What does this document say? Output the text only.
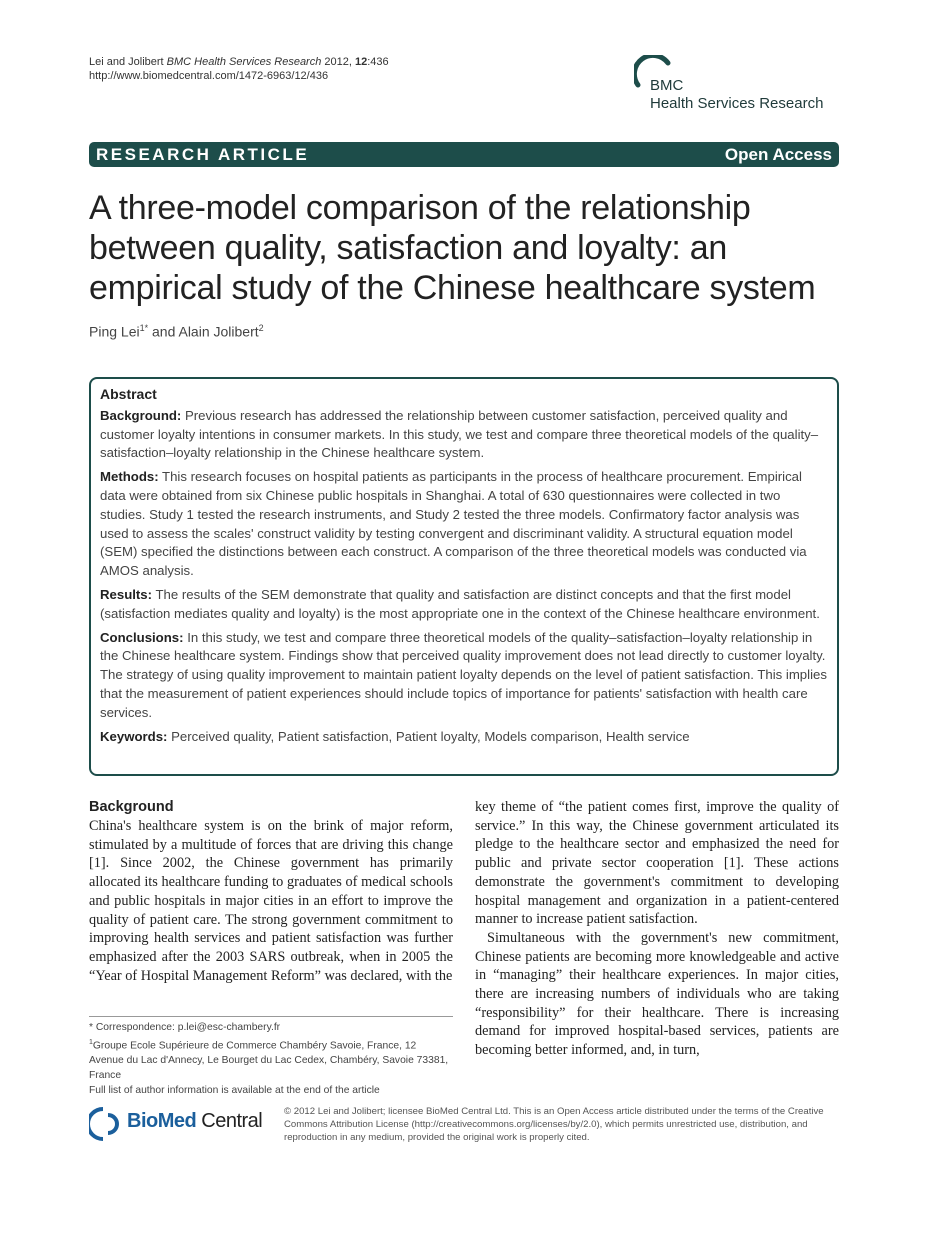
Lei and Jolibert BMC Health Services Research 2012, 12:436
http://www.biomedcentral.com/1472-6963/12/436
BMC
Health Services Research
RESEARCH ARTICLE	Open Access
A three-model comparison of the relationship between quality, satisfaction and loyalty: an empirical study of the Chinese healthcare system
Ping Lei$^{1*}$ and Alain Jolibert$^2$
Abstract

Background: Previous research has addressed the relationship between customer satisfaction, perceived quality and customer loyalty intentions in consumer markets. In this study, we test and compare three theoretical models of the quality–satisfaction–loyalty relationship in the Chinese healthcare system.

Methods: This research focuses on hospital patients as participants in the process of healthcare procurement. Empirical data were obtained from six Chinese public hospitals in Shanghai. A total of 630 questionnaires were collected in two studies. Study 1 tested the research instruments, and Study 2 tested the three models. Confirmatory factor analysis was used to assess the scales' construct validity by testing convergent and discriminant validity. A structural equation model (SEM) specified the distinctions between each construct. A comparison of the three theoretical models was conducted via AMOS analysis.

Results: The results of the SEM demonstrate that quality and satisfaction are distinct concepts and that the first model (satisfaction mediates quality and loyalty) is the most appropriate one in the context of the Chinese healthcare environment.

Conclusions: In this study, we test and compare three theoretical models of the quality–satisfaction–loyalty relationship in the Chinese healthcare system. Findings show that perceived quality improvement does not lead directly to customer loyalty. The strategy of using quality improvement to maintain patient loyalty depends on the level of patient satisfaction. This implies that the measurement of patient experiences should include topics of importance for patients' satisfaction with health care services.

Keywords: Perceived quality, Patient satisfaction, Patient loyalty, Models comparison, Health service

Background

China's healthcare system is on the brink of major reform, stimulated by a multitude of forces that are driving this change [1]. Since 2002, the Chinese government has primarily allocated its healthcare funding to graduates of medical schools and public hospitals in major cities in an effort to improve the quality of patient care. The strong government commitment to improving health services and patient satisfaction was further emphasized after the 2003 SARS outbreak, when in 2005 the “Year of Hospital Management Reform” was declared, with the

key theme of “the patient comes first, improve the quality of service.” In this way, the Chinese government articulated its pledge to the healthcare sector and emphasized the need for public and private sector cooperation [1]. These actions demonstrate the government's commitment to developing hospital management and organization in a patient-centered manner to increase patient satisfaction.

Simultaneous with the government's new commitment, Chinese patients are becoming more knowledgeable and active in “managing” their healthcare experiences. In major cities, there are increasing numbers of individuals who are taking “responsibility” for their healthcare. There is increasing demand for improved hospital-based services, patients are becoming better informed, and, in turn,

* Correspondence: p.lei@esc-chambery.fr
$^1$Groupe Ecole Supérieure de Commerce Chambéry Savoie, France, 12 Avenue du Lac d'Annecy, Le Bourget du Lac Cedex, Chambéry, Savoie 73381, France
Full list of author information is available at the end of the article
BioMed Central © 2012 Lei and Jolibert; licensee BioMed Central Ltd. This is an Open Access article distributed under the terms of the Creative Commons Attribution License (http://creativecommons.org/licenses/by/2.0), which permits unrestricted use, distribution, and reproduction in any medium, provided the original work is properly cited.
